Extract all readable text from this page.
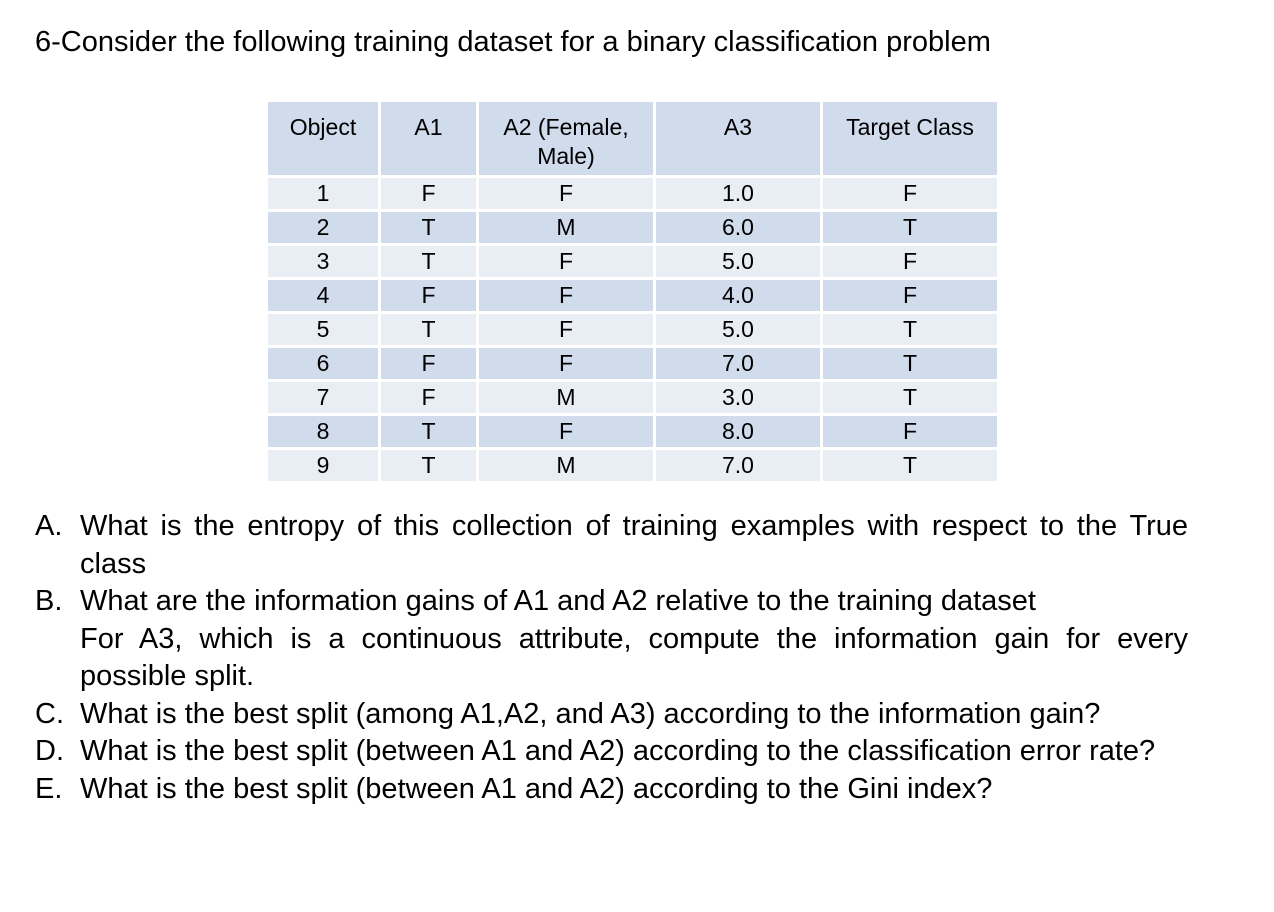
6-Consider the following training dataset for a binary classification problem
Object	A1	A2 (Female, Male)	A3	Target Class
1	F	F	1.0	F
2	T	M	6.0	T
3	T	F	5.0	F
4	F	F	4.0	F
5	T	F	5.0	T
6	F	F	7.0	T
7	F	M	3.0	T
8	T	F	8.0	F
9	T	M	7.0	T
A. What is the entropy of this collection of training examples with respect to the True class
B. What are the information gains of A1 and A2 relative to the training dataset
For A3, which is a continuous attribute, compute the information gain for every possible split.
C. What is the best split (among A1,A2, and A3) according to the information gain?
D. What is the best split (between A1 and A2) according to the classification error rate?
E. What is the best split (between A1 and A2) according to the Gini index?
